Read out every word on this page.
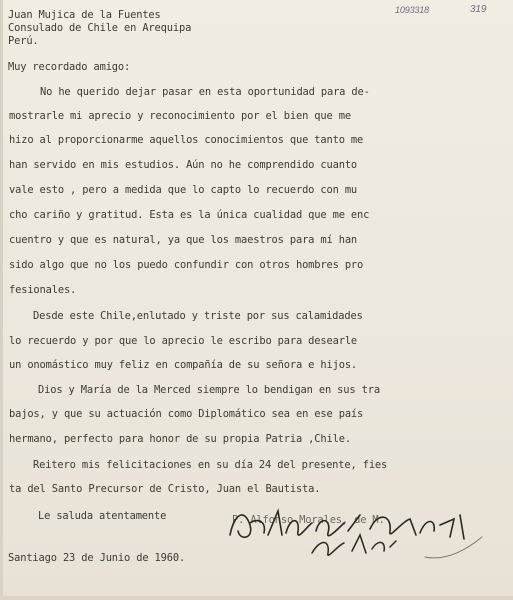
1093318	319
Juan Mujica de la Fuentes
Consulado de Chile en Arequipa
Perú.
Muy recordado amigo:
No he querido dejar pasar en esta oportunidad para de-
mostrarle mi aprecio y reconocimiento por el bien que me
hizo al proporcionarme aquellos conocimientos que tanto me
han servido en mis estudios. Aún no he comprendido cuanto
vale esto , pero a medida que lo capto lo recuerdo con mu
cho cariño y gratitud. Esta es la única cualidad que me enc
cuentro y que es natural, ya que los maestros para mí han
sido algo que no los puedo confundir con otros hombres pro
fesionales.
Desde este Chile,enlutado y triste por sus calamidades
lo recuerdo y por que lo aprecio le escribo para desearle
un onomástico muy feliz en compañía de su señora e hijos.
Dios y María de la Merced siempre lo bendigan en sus tra
bajos, y que su actuación como Diplomático sea en ese país
hermano, perfecto para honor de su propia Patria ,Chile.
Reitero mis felicitaciones en su día 24 del presente, fies
ta del Santo Precursor de Cristo, Juan el Bautista.
Le saluda atentamente	P. Alfonso Morales, de M.
Santiago 23 de Junio de 1960.
